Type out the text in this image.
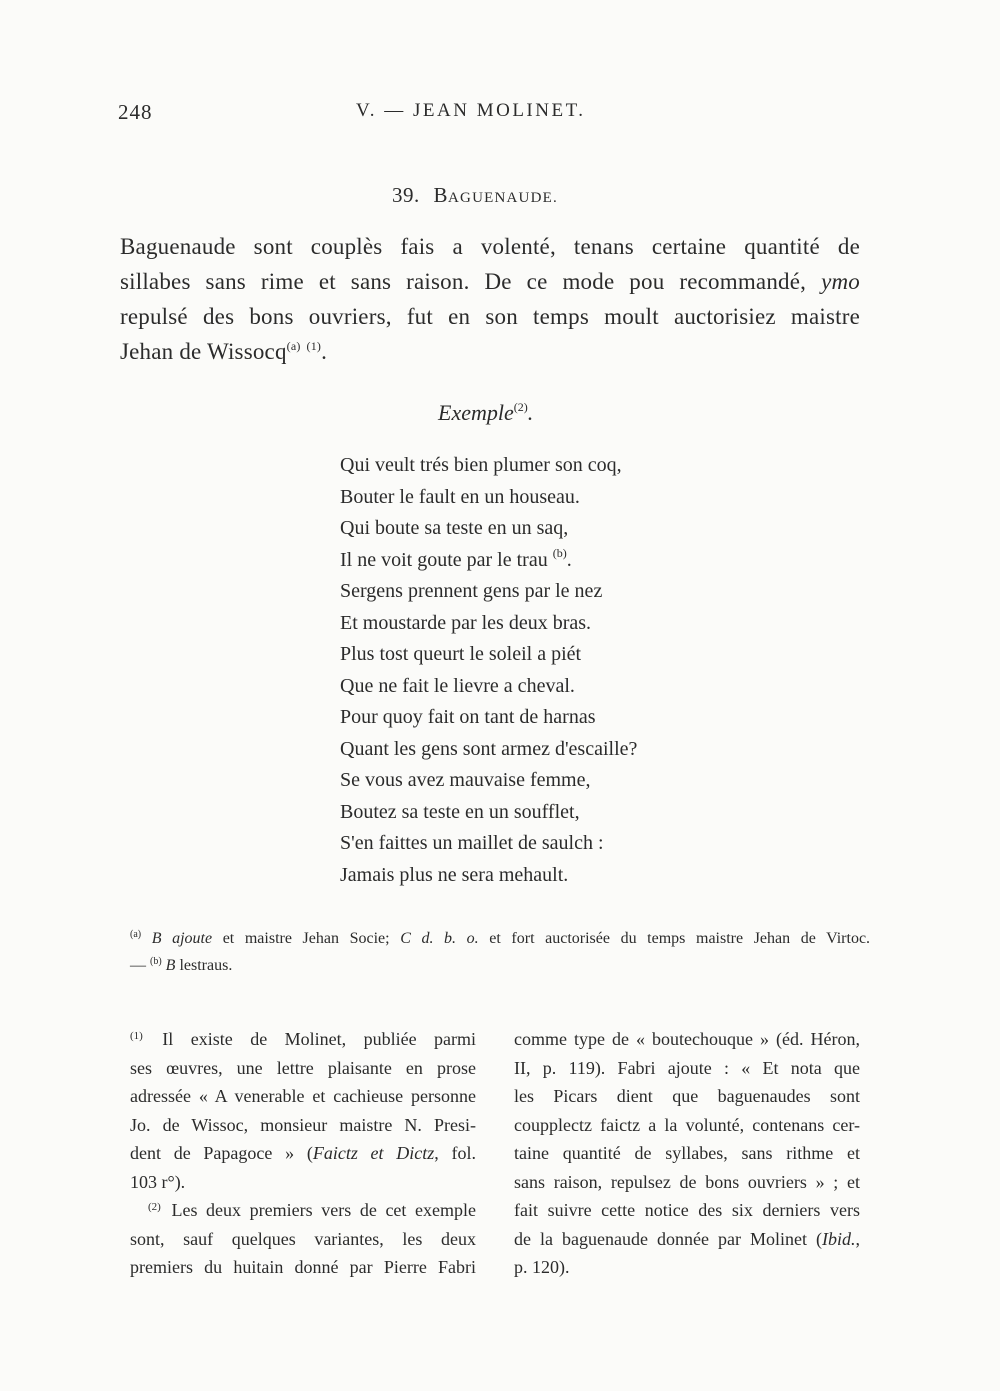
248	V. — JEAN MOLINET.
39. BAGUENAUDE.
Baguenaude sont couplès fais a volenté, tenans certaine quantité de
sillabes sans rime et sans raison. De ce mode pou recommandé, ymo
repulsé des bons ouvriers, fut en son temps moult auctorisiez maistre
Jehan de Wissocq$^{(a)}$ $^{(1)}$.
Exemple$^{(2)}$.
Qui veult trés bien plumer son coq,
Bouter le fault en un houseau.
Qui boute sa teste en un saq,
Il ne voit goute par le trau $^{(b)}$.
Sergens prennent gens par le nez
Et moustarde par les deux bras.
Plus tost queurt le soleil a piét
Que ne fait le lievre a cheval.
Pour quoy fait on tant de harnas
Quant les gens sont armez d'escaille?
Se vous avez mauvaise femme,
Boutez sa teste en un soufflet,
S'en faittes un maillet de saulch :
Jamais plus ne sera mehault.
$^{(a)}$ B ajoute et maistre Jehan Socie; C d. b. o. et fort auctorisée du temps maistre Jehan de Virtoc.
— $^{(b)}$ B lestraus.
$^{(1)}$ Il existe de Molinet, publiée parmi
ses œuvres, une lettre plaisante en prose
adressée « A venerable et cachieuse personne
Jo. de Wissoc, monsieur maistre N. Presi-
dent de Papagoce » (Faictz et Dictz, fol.
103 r°).
$^{(2)}$ Les deux premiers vers de cet exemple
sont, sauf quelques variantes, les deux
premiers du huitain donné par Pierre Fabri
comme type de « boutechouque » (éd. Héron,
II, p. 119). Fabri ajoute : « Et nota que
les Picars dient que baguenaudes sont
coupplectz faictz a la volunté, contenans cer-
taine quantité de syllabes, sans rithme et
sans raison, repulsez de bons ouvriers » ; et
fait suivre cette notice des six derniers vers
de la baguenaude donnée par Molinet (Ibid.,
p. 120).
